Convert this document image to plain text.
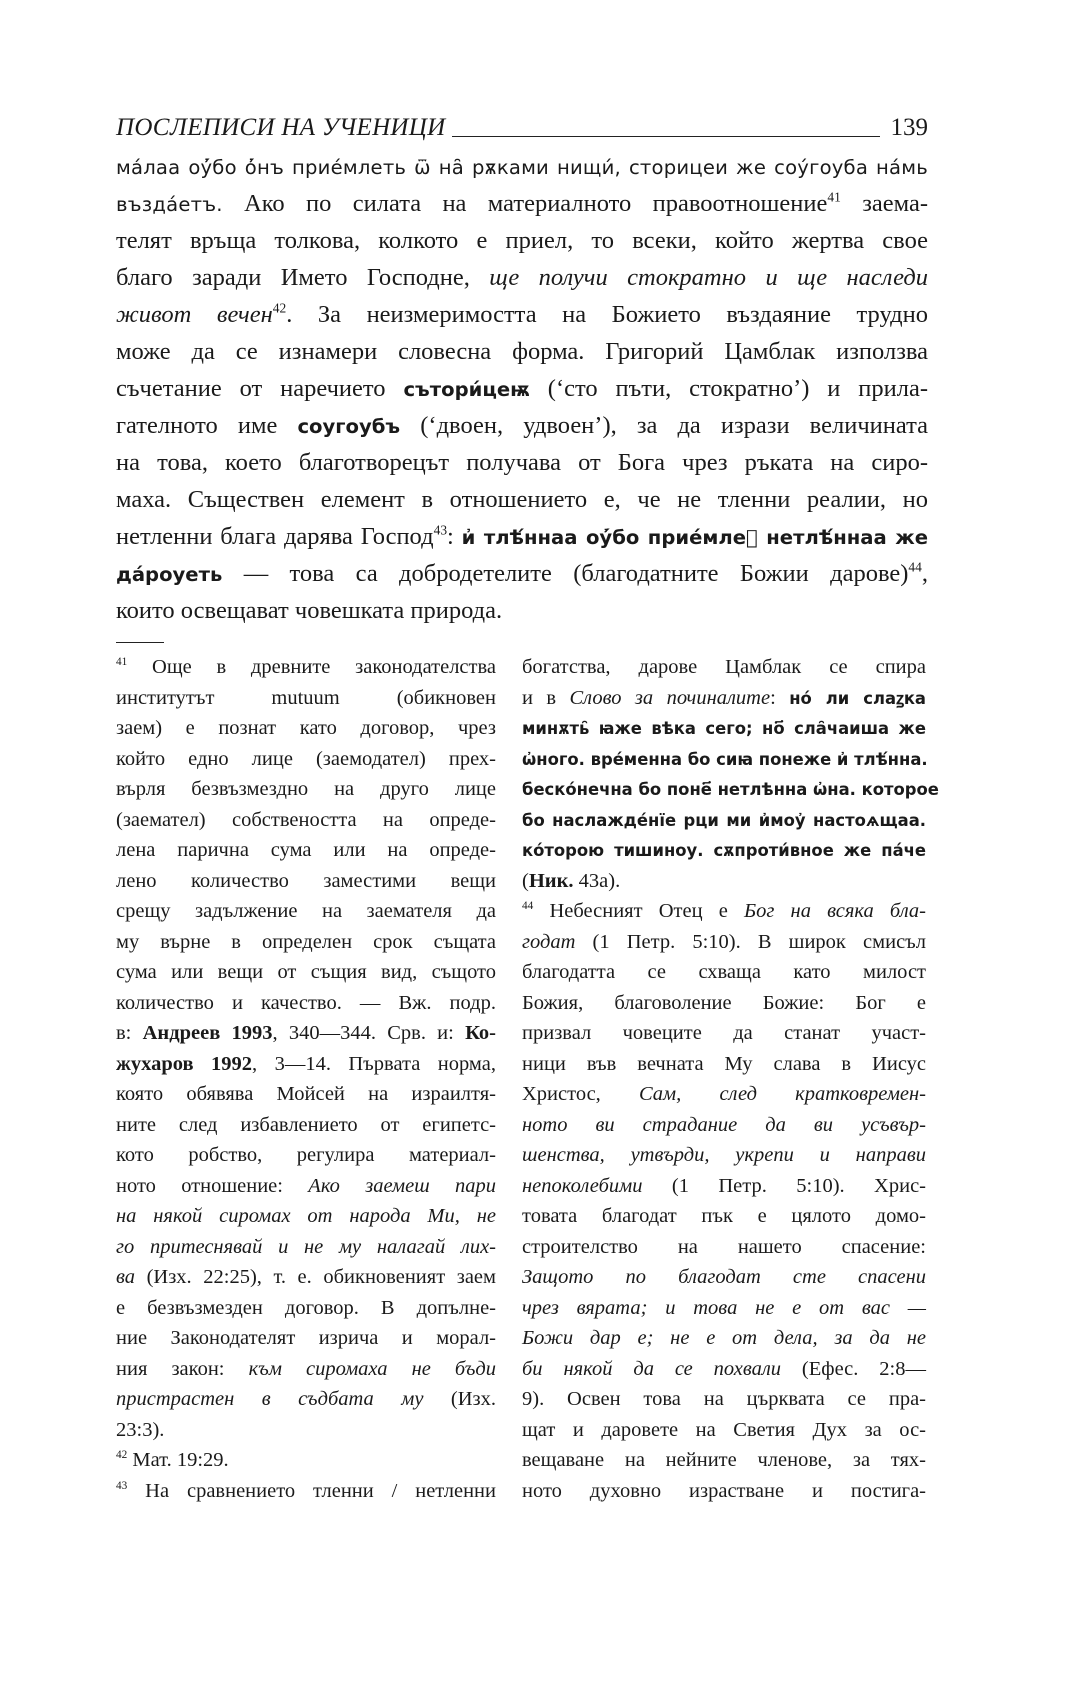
ПОСЛЕПИСИ НА УЧЕНИЦИ	139
ма́лаа оу҆́бо о҆́нъ прие́млеть ѿ на̑ рѫками нищи́, сторицеи же соу́гоуба на́мь
възда́етъ. Ако по силата на материалното правоотношение$^{41}$ заема-
телят връща толкова, колкото е приел, то всеки, който жертва свое
благо заради Името Господне, ще получи стократно и ще наследи
живот вечен$^{42}$. За неизмеримостта на Божието въздаяние трудно
може да се изнамери словесна форма. Григорий Цамблак използва
съчетание от наречието сътори́цеѭ (‘сто пъти, стократно’) и прила-
гателното име соугоубъ (‘двоен, удвоен’), за да изрази величината
на това, което благотворецът получава от Бога чрез ръката на сиро-
маха. Съществен елемент в отношението е, че не тленни реалии, но
нетленни блага дарява Господ$^{43}$: и҆ тлѣ́ннаа оу҆́бо прие́млеⷮ нетлѣ́ннаа же
да́роуеть — това са добродетелите (благодатните Божии дарове)$^{44}$,
които освещават човешката природа.
$^{41}$ Още в древните законодателства
институтът mutuum (обикновен
заем) е познат като договор, чрез
който едно лице (заемодател) прех-
върля безвъзмездно на друго лице
(заемател) собствеността на опреде-
лена парична сума или на опреде-
лено количество заместими вещи
срещу задължение на заемателя да
му върне в определен срок същата
сума или вещи от същия вид, същото
количество и качество. — Вж. подр.
в: Андреев 1993, 340—344. Срв. и: Ко-
жухаров 1992, 3—14. Първата норма,
която обявява Мойсей на израилтя-
ните след избавлението от египетс-
кото робство, регулира материал-
ното отношение: Ако заемеш пари
на някой сиромах от народа Ми, не
го притеснявай и не му налагай лих-
ва (Изх. 22:25), т. е. обикновеният заем
е безвъзмезден договор. В допълне-
ние Законодателят изрича и морал-
ния закон: към сиромаха не бъди
пристрастен в съдбата му (Изх.
23:3).
$^{42}$ Мат. 19:29.
$^{43}$ На сравнението тленни / нетленни
богатства, дарове Цамблак се спира
и в Слово за починалите: но́ ли слаꙁка
минѫть̑ ꙗже вѣка сего; но҃ сла̑чаиша же
ѡ҆ного. вре́менна бо сиꙗ понеже и҆ тлѣ́нна.
беско́нечна бо поне҃ нетлѣнна ѡ҆на. которое
бо наслажде́нїе рци ми и҆моу҆ настоѧщаа.
ко́торою тишиноу. сѫпроти́вное же па́че
(Ник. 43а).
$^{44}$ Небесният Отец е Бог на всяка бла-
годат (1 Петр. 5:10). В широк смисъл
благодатта се схваща като милост
Божия, благоволение Божие: Бог е
призвал човеците да станат участ-
ници във вечната Му слава в Иисус
Христос, Сам, след кратковремен-
ното ви страдание да ви усъвър-
шенства, утвърди, укрепи и направи
непоколебими (1 Петр. 5:10). Хрис-
товата благодат пък е цялото домо-
строителство на нашето спасение:
Защото по благодат сте спасени
чрез вярата; и това не е от вас —
Божи дар е; не е от дела, за да не
би някой да се похвали (Ефес. 2:8—
9). Освен това на църквата се пра-
щат и даровете на Светия Дух за ос-
вещаване на нейните членове, за тях-
ното духовно израстване и постига-
